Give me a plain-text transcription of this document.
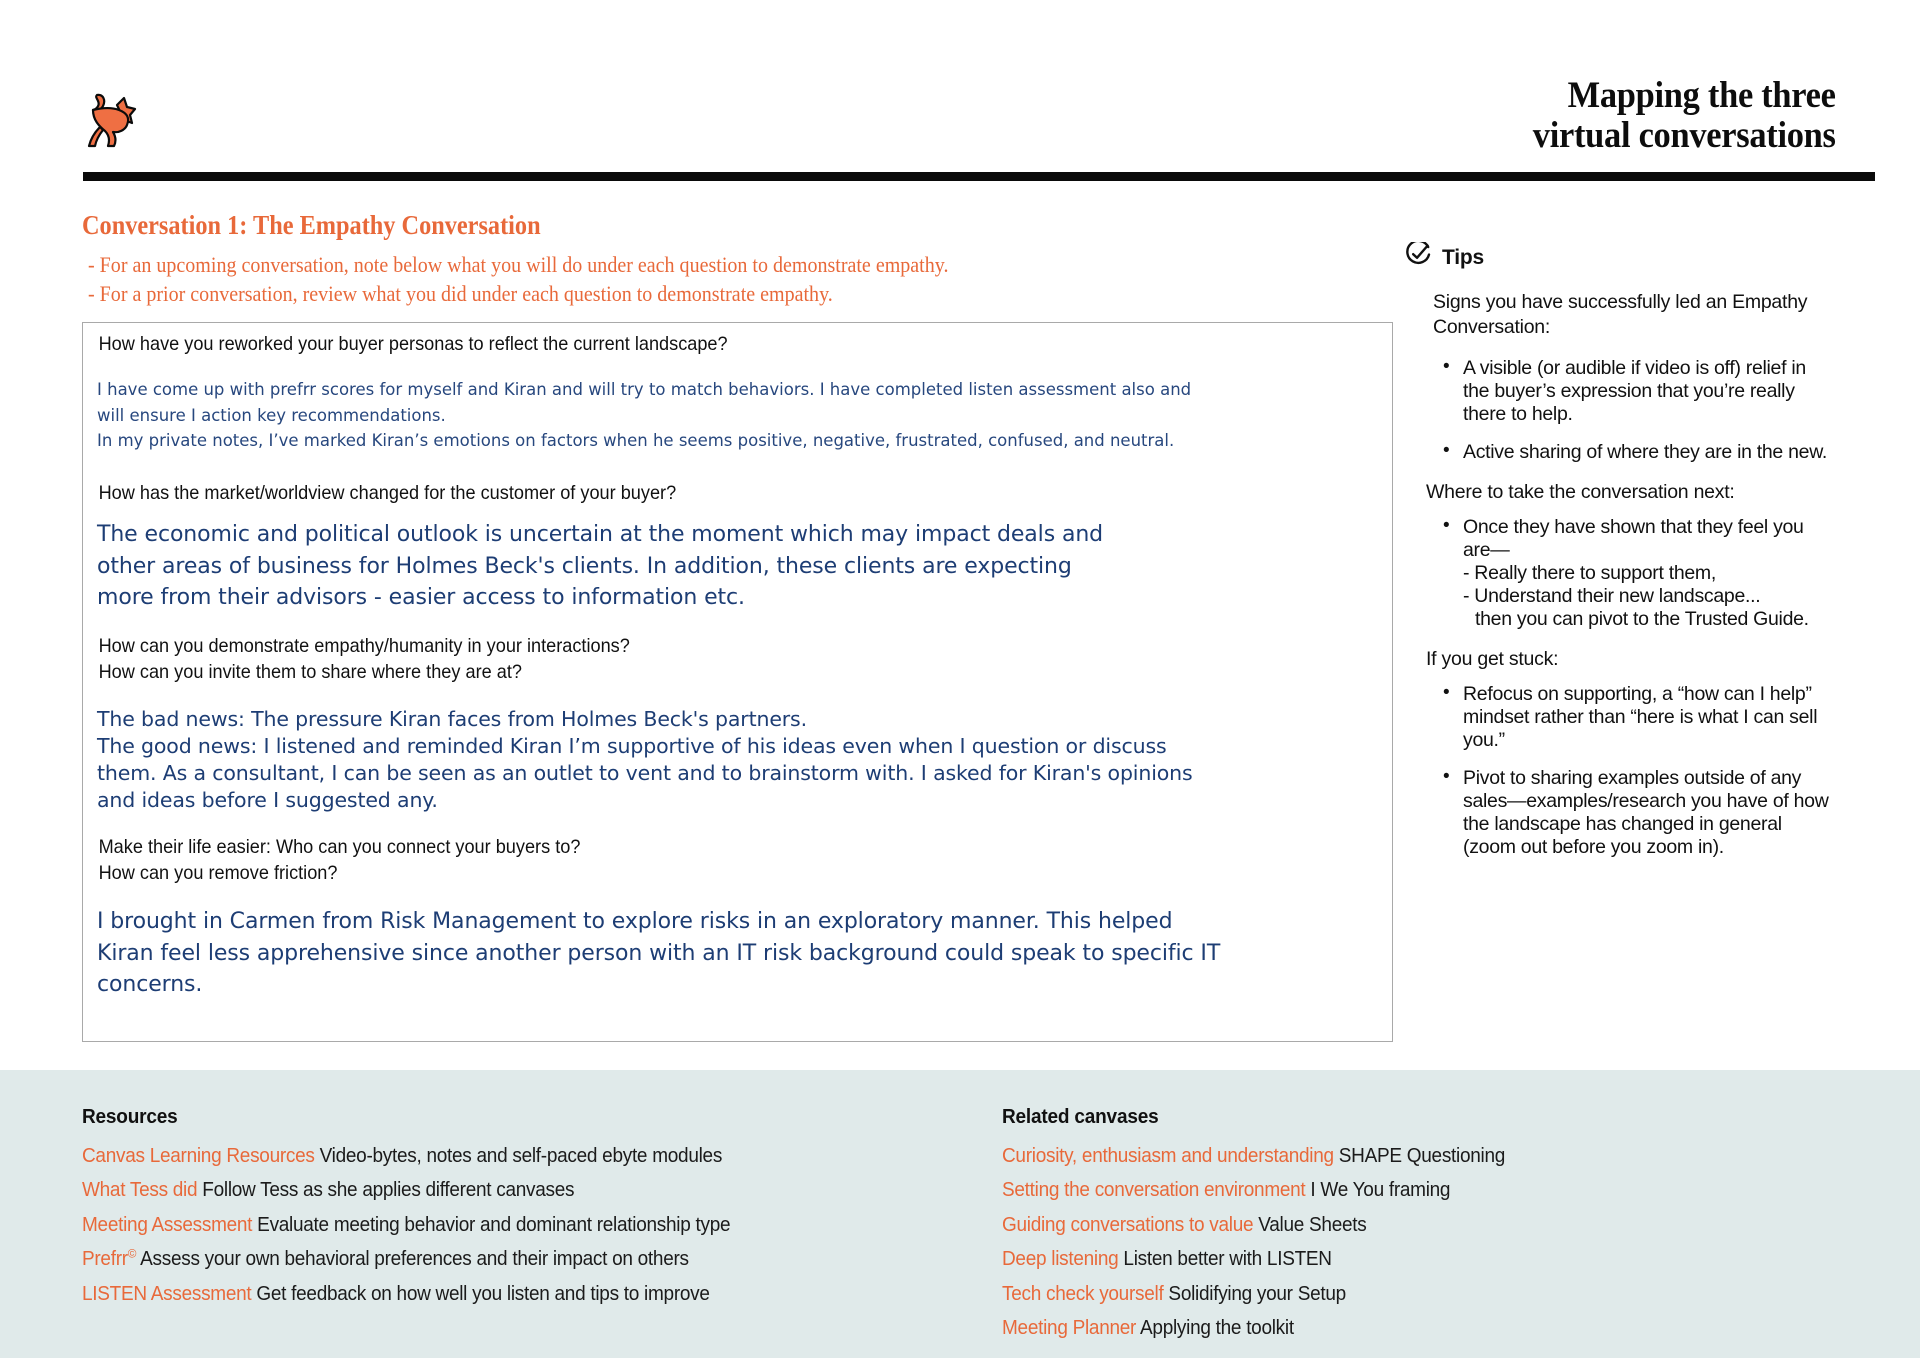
Mapping the three
virtual conversations
Conversation 1: The Empathy Conversation
- For an upcoming conversation, note below what you will do under each question to demonstrate empathy.
- For a prior conversation, review what you did under each question to demonstrate empathy.
How have you reworked your buyer personas to reflect the current landscape?
I have come up with prefrr scores for myself and Kiran and will try to match behaviors. I have completed listen assessment also and
will ensure I action key recommendations.
In my private notes, I’ve marked Kiran’s emotions on factors when he seems positive, negative, frustrated, confused, and neutral.
How has the market/worldview changed for the customer of your buyer?
The economic and political outlook is uncertain at the moment which may impact deals and
other areas of business for Holmes Beck's clients. In addition, these clients are expecting
more from their advisors - easier access to information etc.
How can you demonstrate empathy/humanity in your interactions?
How can you invite them to share where they are at?
The bad news: The pressure Kiran faces from Holmes Beck's partners.
The good news: I listened and reminded Kiran I’m supportive of his ideas even when I question or discuss
them. As a consultant, I can be seen as an outlet to vent and to brainstorm with. I asked for Kiran's opinions
and ideas before I suggested any.
Make their life easier: Who can you connect your buyers to?
How can you remove friction?
I brought in Carmen from Risk Management to explore risks in an exploratory manner. This helped
Kiran feel less apprehensive since another person with an IT risk background could speak to specific IT
concerns.
Tips
Signs you have successfully led an Empathy Conversation:
• A visible (or audible if video is off) relief in the buyer’s expression that you’re really there to help.
• Active sharing of where they are in the new.
Where to take the conversation next:
• Once they have shown that they feel you are—
- Really there to support them,
- Understand their new landscape...
then you can pivot to the Trusted Guide.
If you get stuck:
• Refocus on supporting, a “how can I help” mindset rather than “here is what I can sell you.”
• Pivot to sharing examples outside of any sales—examples/research you have of how the landscape has changed in general (zoom out before you zoom in).
Resources
Canvas Learning Resources Video-bytes, notes and self-paced ebyte modules
What Tess did Follow Tess as she applies different canvases
Meeting Assessment Evaluate meeting behavior and dominant relationship type
Prefrr© Assess your own behavioral preferences and their impact on others
LISTEN Assessment Get feedback on how well you listen and tips to improve
Related canvases
Curiosity, enthusiasm and understanding SHAPE Questioning
Setting the conversation environment I We You framing
Guiding conversations to value Value Sheets
Deep listening Listen better with LISTEN
Tech check yourself Solidifying your Setup
Meeting Planner Applying the toolkit
